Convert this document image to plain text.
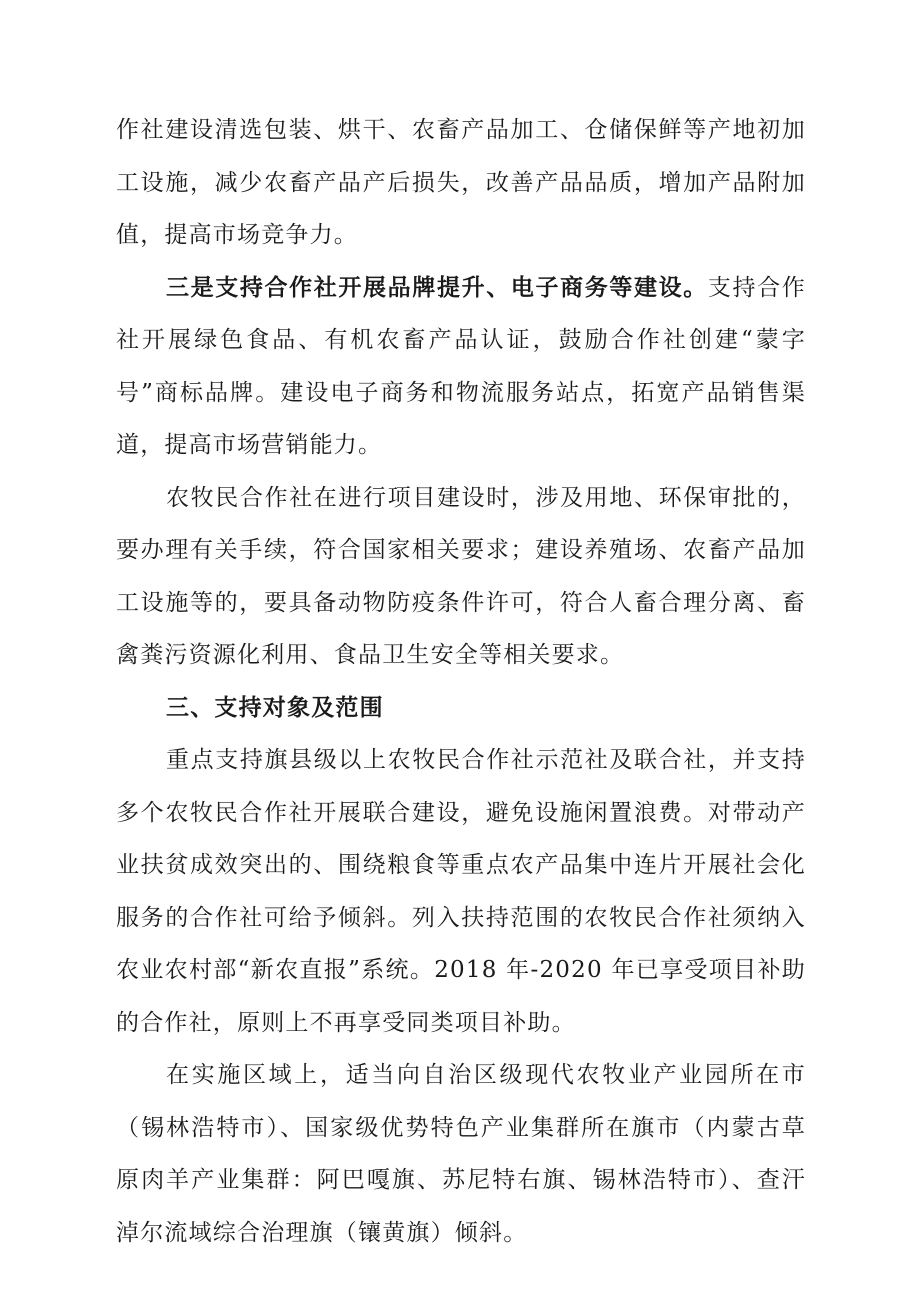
作社建设清选包装、烘干、农畜产品加工、仓储保鲜等产地初加工设施，减少农畜产品产后损失，改善产品品质，增加产品附加值，提高市场竞争力。

三是支持合作社开展品牌提升、电子商务等建设。支持合作社开展绿色食品、有机农畜产品认证，鼓励合作社创建“蒙字号”商标品牌。建设电子商务和物流服务站点，拓宽产品销售渠道，提高市场营销能力。

农牧民合作社在进行项目建设时，涉及用地、环保审批的，要办理有关手续，符合国家相关要求；建设养殖场、农畜产品加工设施等的，要具备动物防疫条件许可，符合人畜合理分离、畜禽粪污资源化利用、食品卫生安全等相关要求。

三、支持对象及范围

重点支持旗县级以上农牧民合作社示范社及联合社，并支持多个农牧民合作社开展联合建设，避免设施闲置浪费。对带动产业扶贫成效突出的、围绕粮食等重点农产品集中连片开展社会化服务的合作社可给予倾斜。列入扶持范围的农牧民合作社须纳入农业农村部“新农直报”系统。2018 年-2020 年已享受项目补助的合作社，原则上不再享受同类项目补助。

在实施区域上，适当向自治区级现代农牧业产业园所在市（锡林浩特市）、国家级优势特色产业集群所在旗市（内蒙古草原肉羊产业集群：阿巴嘎旗、苏尼特右旗、锡林浩特市）、查汗淖尔流域综合治理旗（镶黄旗）倾斜。
